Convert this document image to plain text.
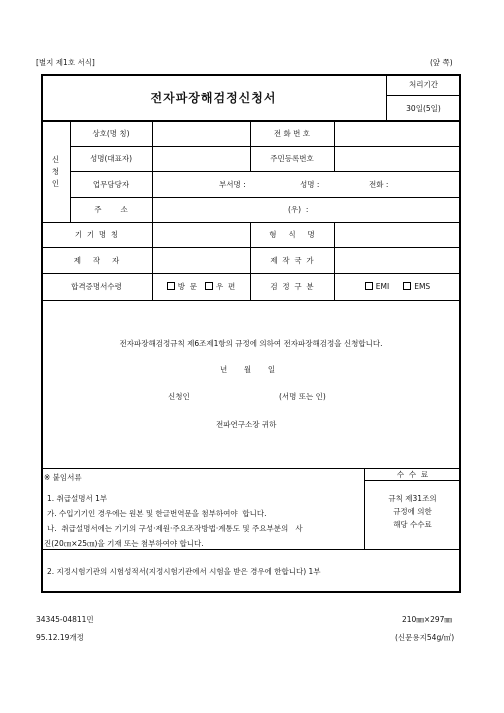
[별지 제1호 서식]	(앞 쪽)
전자파장해검정신청서
처리기간
30일(5일)
신
청
인
상호(명 칭)	전 화 번 호
성명(대표자)	주민등록번호
업무담당자	부서명 :	성명 :	전화 :
주        소	(우)  :
기  기  명  칭	형     식     명
제     작     자	제  작  국  가
합격증명서수령	방  문	우  편	검  정  구  분	EMI	EMS
전자파장해검정규칙 제6조제1항의 규정에 의하여 전자파장해검정을 신청합니다.
년       월       일
신청인	(서명 또는 인)
전파연구소장 귀하
※ 붙임서류
1. 취급설명서 1부
가. 수입기기인 경우에는 원본 및 한글번역문을 첨부하여야  합니다.
나.  취급설명서에는 기기의 구성·제원·주요조작방법·계통도 및 주요부분의   사
진(20㎝×25㎝)을 기재 또는 첨부하여야 합니다.
수  수  료
규칙 제31조의
규정에 의한
해당 수수료
2. 지정시험기관의 시험성적서(지정시험기관에서 시험을 받은 경우에 한합니다) 1부
34345-04811민	210㎜×297㎜
95.12.19개정	(신문용지54g/㎡)
